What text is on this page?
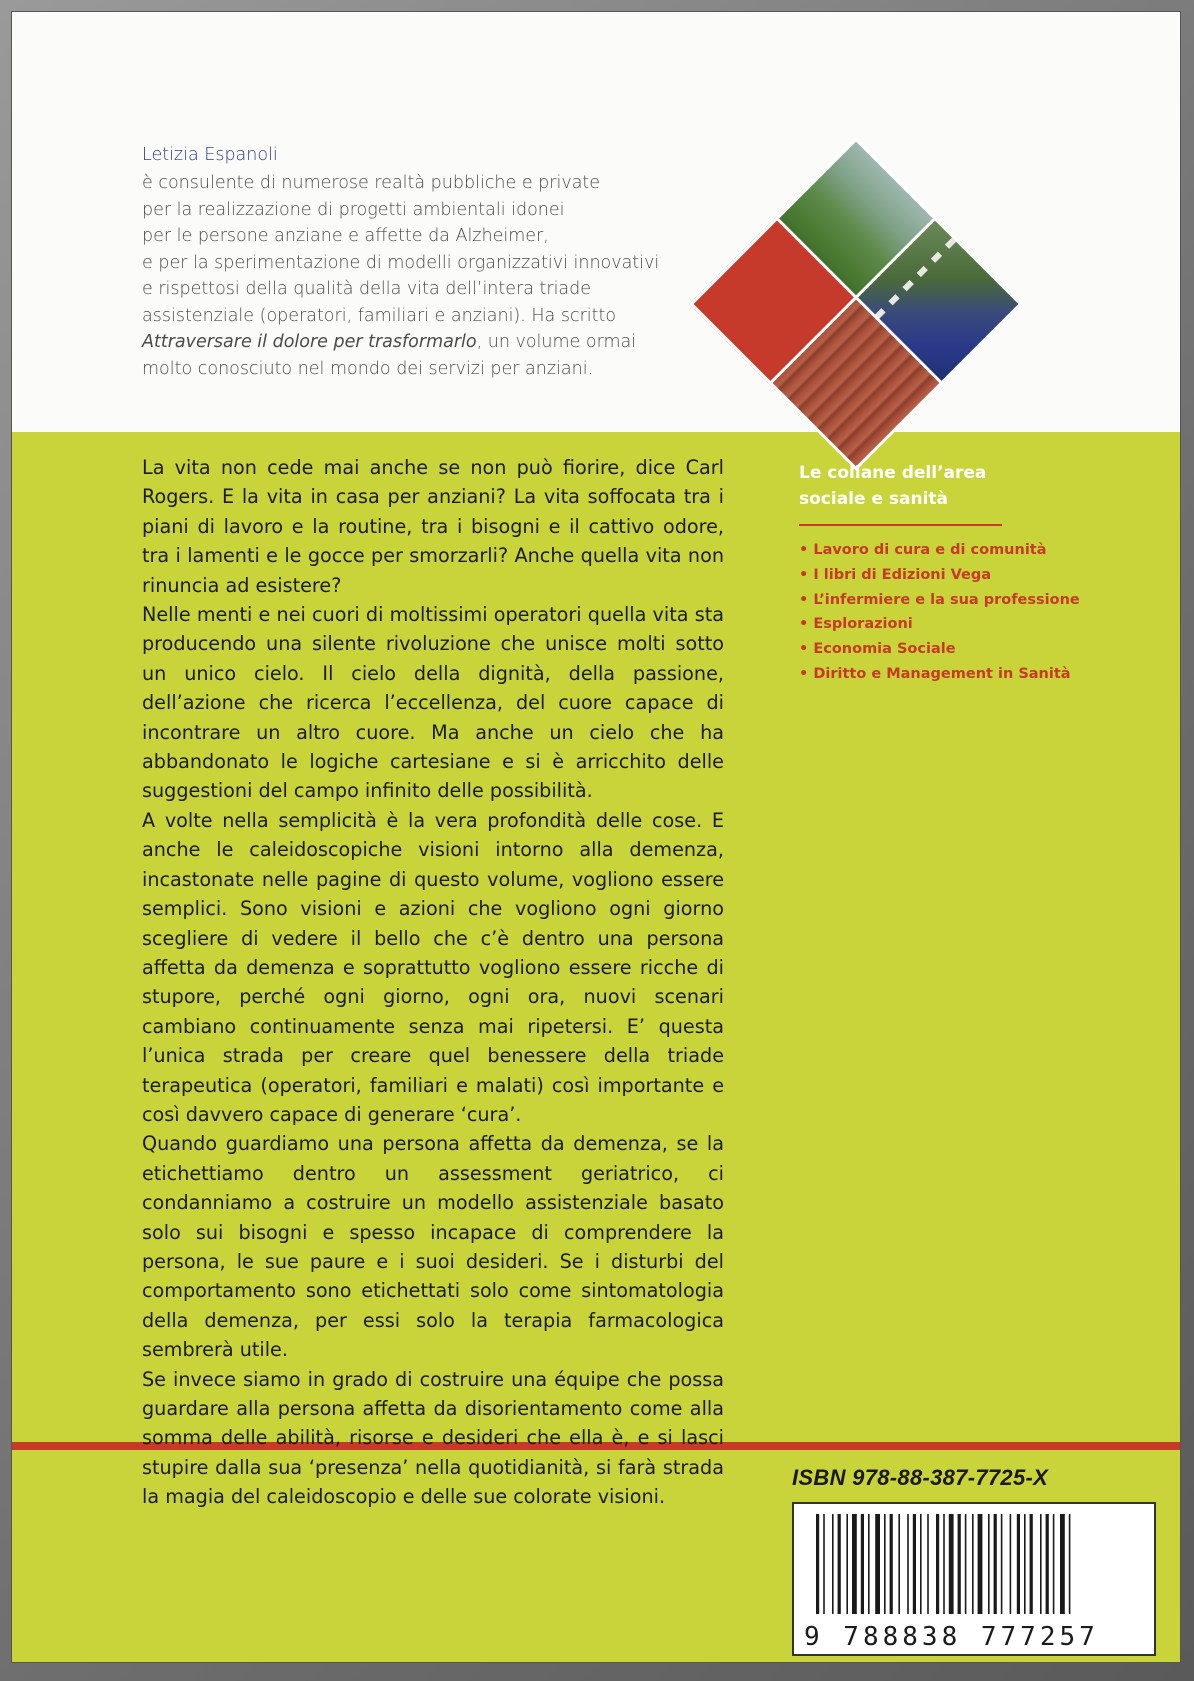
Letizia Espanoli
è consulente di numerose realtà pubbliche e private
per la realizzazione di progetti ambientali idonei
per le persone anziane e affette da Alzheimer,
e per la sperimentazione di modelli organizzativi innovativi
e rispettosi della qualità della vita dell’intera triade
assistenziale (operatori, familiari e anziani). Ha scritto
Attraversare il dolore per trasformarlo, un volume ormai
molto conosciuto nel mondo dei servizi per anziani.

La vita non cede mai anche se non può fiorire, dice Carl Rogers. E la vita in casa per anziani? La vita soffocata tra i piani di lavoro e la routine, tra i bisogni e il cattivo odore, tra i lamenti e le gocce per smorzarli? Anche quella vita non rinuncia ad esistere?

Nelle menti e nei cuori di moltissimi operatori quella vita sta producendo una silente rivoluzione che unisce molti sotto un unico cielo. Il cielo della dignità, della passione, dell’azione che ricerca l’eccellenza, del cuore capace di incontrare un altro cuore. Ma anche un cielo che ha abbandonato le logiche cartesiane e si è arricchito delle suggestioni del campo infinito delle possibilità.

A volte nella semplicità è la vera profondità delle cose. E anche le caleidoscopiche visioni intorno alla demenza, incastonate nelle pagine di questo volume, vogliono essere semplici. Sono visioni e azioni che vogliono ogni giorno scegliere di vedere il bello che c’è dentro una persona affetta da demenza e soprattutto vogliono essere ricche di stupore, perché ogni giorno, ogni ora, nuovi scenari cambiano continuamente senza mai ripetersi. E’ questa l’unica strada per creare quel benessere della triade terapeutica (operatori, familiari e malati) così importante e così davvero capace di generare ‘cura’.

Quando guardiamo una persona affetta da demenza, se la etichettiamo dentro un assessment geriatrico, ci condanniamo a costruire un modello assistenziale basato solo sui bisogni e spesso incapace di comprendere la persona, le sue paure e i suoi desideri. Se i disturbi del comportamento sono etichettati solo come sintomatologia della demenza, per essi solo la terapia farmacologica sembrerà utile.

Se invece siamo in grado di costruire una équipe che possa guardare alla persona affetta da disorientamento come alla somma delle abilità, risorse e desideri che ella è, e si lasci stupire dalla sua ‘presenza’ nella quotidianità, si farà strada la magia del caleidoscopio e delle sue colorate visioni.

Le collane dell’area
sociale e sanità
• Lavoro di cura e di comunità
• I libri di Edizioni Vega
• L’infermiere e la sua professione
• Esplorazioni
• Economia Sociale
• Diritto e Management in Sanità
ISBN 978-88-387-7725-X
9 788838 777257
